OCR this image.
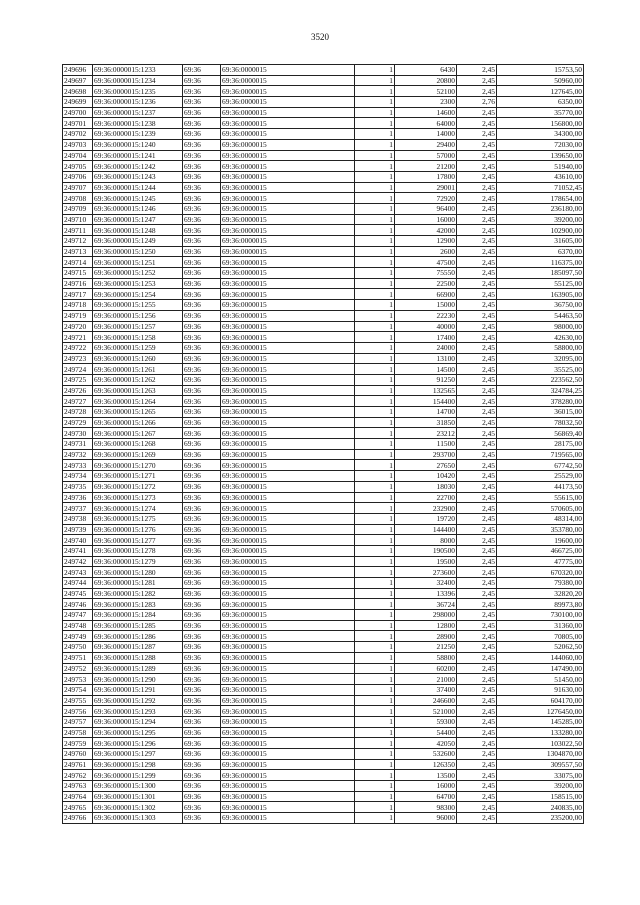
3520
249696	69:36:0000015:1233	69:36	69:36:0000015	1	6430	2,45	15753,50
249697	69:36:0000015:1234	69:36	69:36:0000015	1	20800	2,45	50960,00
249698	69:36:0000015:1235	69:36	69:36:0000015	1	52100	2,45	127645,00
249699	69:36:0000015:1236	69:36	69:36:0000015	1	2300	2,76	6350,00
249700	69:36:0000015:1237	69:36	69:36:0000015	1	14600	2,45	35770,00
249701	69:36:0000015:1238	69:36	69:36:0000015	1	64000	2,45	156800,00
249702	69:36:0000015:1239	69:36	69:36:0000015	1	14000	2,45	34300,00
249703	69:36:0000015:1240	69:36	69:36:0000015	1	29400	2,45	72030,00
249704	69:36:0000015:1241	69:36	69:36:0000015	1	57000	2,45	139650,00
249705	69:36:0000015:1242	69:36	69:36:0000015	1	21200	2,45	51940,00
249706	69:36:0000015:1243	69:36	69:36:0000015	1	17800	2,45	43610,00
249707	69:36:0000015:1244	69:36	69:36:0000015	1	29001	2,45	71052,45
249708	69:36:0000015:1245	69:36	69:36:0000015	1	72920	2,45	178654,00
249709	69:36:0000015:1246	69:36	69:36:0000015	1	96400	2,45	236180,00
249710	69:36:0000015:1247	69:36	69:36:0000015	1	16000	2,45	39200,00
249711	69:36:0000015:1248	69:36	69:36:0000015	1	42000	2,45	102900,00
249712	69:36:0000015:1249	69:36	69:36:0000015	1	12900	2,45	31605,00
249713	69:36:0000015:1250	69:36	69:36:0000015	1	2600	2,45	6370,00
249714	69:36:0000015:1251	69:36	69:36:0000015	1	47500	2,45	116375,00
249715	69:36:0000015:1252	69:36	69:36:0000015	1	75550	2,45	185097,50
249716	69:36:0000015:1253	69:36	69:36:0000015	1	22500	2,45	55125,00
249717	69:36:0000015:1254	69:36	69:36:0000015	1	66900	2,45	163905,00
249718	69:36:0000015:1255	69:36	69:36:0000015	1	15000	2,45	36750,00
249719	69:36:0000015:1256	69:36	69:36:0000015	1	22230	2,45	54463,50
249720	69:36:0000015:1257	69:36	69:36:0000015	1	40000	2,45	98000,00
249721	69:36:0000015:1258	69:36	69:36:0000015	1	17400	2,45	42630,00
249722	69:36:0000015:1259	69:36	69:36:0000015	1	24000	2,45	58800,00
249723	69:36:0000015:1260	69:36	69:36:0000015	1	13100	2,45	32095,00
249724	69:36:0000015:1261	69:36	69:36:0000015	1	14500	2,45	35525,00
249725	69:36:0000015:1262	69:36	69:36:0000015	1	91250	2,45	223562,50
249726	69:36:0000015:1263	69:36	69:36:0000015	1	132565	2,45	324784,25
249727	69:36:0000015:1264	69:36	69:36:0000015	1	154400	2,45	378280,00
249728	69:36:0000015:1265	69:36	69:36:0000015	1	14700	2,45	36015,00
249729	69:36:0000015:1266	69:36	69:36:0000015	1	31850	2,45	78032,50
249730	69:36:0000015:1267	69:36	69:36:0000015	1	23212	2,45	56869,40
249731	69:36:0000015:1268	69:36	69:36:0000015	1	11500	2,45	28175,00
249732	69:36:0000015:1269	69:36	69:36:0000015	1	293700	2,45	719565,00
249733	69:36:0000015:1270	69:36	69:36:0000015	1	27650	2,45	67742,50
249734	69:36:0000015:1271	69:36	69:36:0000015	1	10420	2,45	25529,00
249735	69:36:0000015:1272	69:36	69:36:0000015	1	18030	2,45	44173,50
249736	69:36:0000015:1273	69:36	69:36:0000015	1	22700	2,45	55615,00
249737	69:36:0000015:1274	69:36	69:36:0000015	1	232900	2,45	570605,00
249738	69:36:0000015:1275	69:36	69:36:0000015	1	19720	2,45	48314,00
249739	69:36:0000015:1276	69:36	69:36:0000015	1	144400	2,45	353780,00
249740	69:36:0000015:1277	69:36	69:36:0000015	1	8000	2,45	19600,00
249741	69:36:0000015:1278	69:36	69:36:0000015	1	190500	2,45	466725,00
249742	69:36:0000015:1279	69:36	69:36:0000015	1	19500	2,45	47775,00
249743	69:36:0000015:1280	69:36	69:36:0000015	1	273600	2,45	670320,00
249744	69:36:0000015:1281	69:36	69:36:0000015	1	32400	2,45	79380,00
249745	69:36:0000015:1282	69:36	69:36:0000015	1	13396	2,45	32820,20
249746	69:36:0000015:1283	69:36	69:36:0000015	1	36724	2,45	89973,80
249747	69:36:0000015:1284	69:36	69:36:0000015	1	298000	2,45	730100,00
249748	69:36:0000015:1285	69:36	69:36:0000015	1	12800	2,45	31360,00
249749	69:36:0000015:1286	69:36	69:36:0000015	1	28900	2,45	70805,00
249750	69:36:0000015:1287	69:36	69:36:0000015	1	21250	2,45	52062,50
249751	69:36:0000015:1288	69:36	69:36:0000015	1	58800	2,45	144060,00
249752	69:36:0000015:1289	69:36	69:36:0000015	1	60200	2,45	147490,00
249753	69:36:0000015:1290	69:36	69:36:0000015	1	21000	2,45	51450,00
249754	69:36:0000015:1291	69:36	69:36:0000015	1	37400	2,45	91630,00
249755	69:36:0000015:1292	69:36	69:36:0000015	1	246600	2,45	604170,00
249756	69:36:0000015:1293	69:36	69:36:0000015	1	521000	2,45	1276450,00
249757	69:36:0000015:1294	69:36	69:36:0000015	1	59300	2,45	145285,00
249758	69:36:0000015:1295	69:36	69:36:0000015	1	54400	2,45	133280,00
249759	69:36:0000015:1296	69:36	69:36:0000015	1	42050	2,45	103022,50
249760	69:36:0000015:1297	69:36	69:36:0000015	1	532600	2,45	1304870,00
249761	69:36:0000015:1298	69:36	69:36:0000015	1	126350	2,45	309557,50
249762	69:36:0000015:1299	69:36	69:36:0000015	1	13500	2,45	33075,00
249763	69:36:0000015:1300	69:36	69:36:0000015	1	16000	2,45	39200,00
249764	69:36:0000015:1301	69:36	69:36:0000015	1	64700	2,45	158515,00
249765	69:36:0000015:1302	69:36	69:36:0000015	1	98300	2,45	240835,00
249766	69:36:0000015:1303	69:36	69:36:0000015	1	96000	2,45	235200,00
